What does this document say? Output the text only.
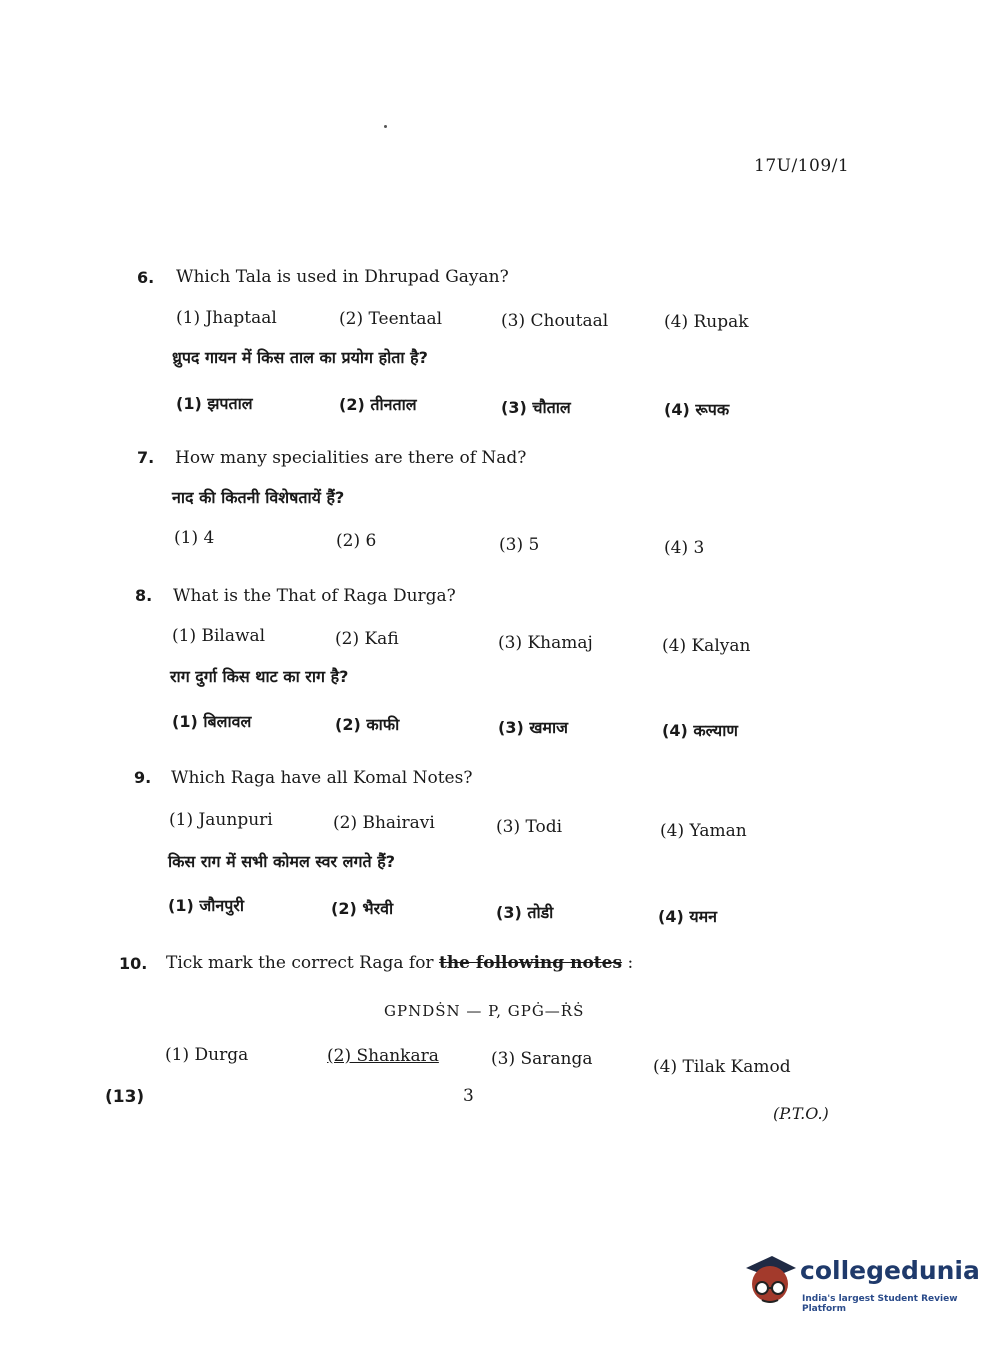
17U/109/1
6. Which Tala is used in Dhrupad Gayan?
(1) Jhaptaal	(2) Teentaal	(3) Choutaal	(4) Rupak
ध्रुपद गायन में किस ताल का प्रयोग होता है?
(1) झपताल	(2) तीनताल	(3) चौताल	(4) रूपक
7. How many specialities are there of Nad?
नाद की कितनी विशेषतायें हैं?
(1) 4	(2) 6	(3) 5	(4) 3
8. What is the That of Raga Durga?
(1) Bilawal	(2) Kafi	(3) Khamaj	(4) Kalyan
राग दुर्गा किस थाट का राग है?
(1) बिलावल	(2) काफी	(3) खमाज	(4) कल्याण
9. Which Raga have all Komal Notes?
(1) Jaunpuri	(2) Bhairavi	(3) Todi	(4) Yaman
किस राग में सभी कोमल स्वर लगते हैं?
(1) जौनपुरी	(2) भैरवी	(3) तोडी	(4) यमन
10. Tick mark the correct Raga for the following notes :
GPNDṠN — P, GPĠ—ṘṠ
(1) Durga	(2) Shankara	(3) Saranga	(4) Tilak Kamod
(13)	3
(P.T.O.)
collegedunia
India's largest Student Review Platform
